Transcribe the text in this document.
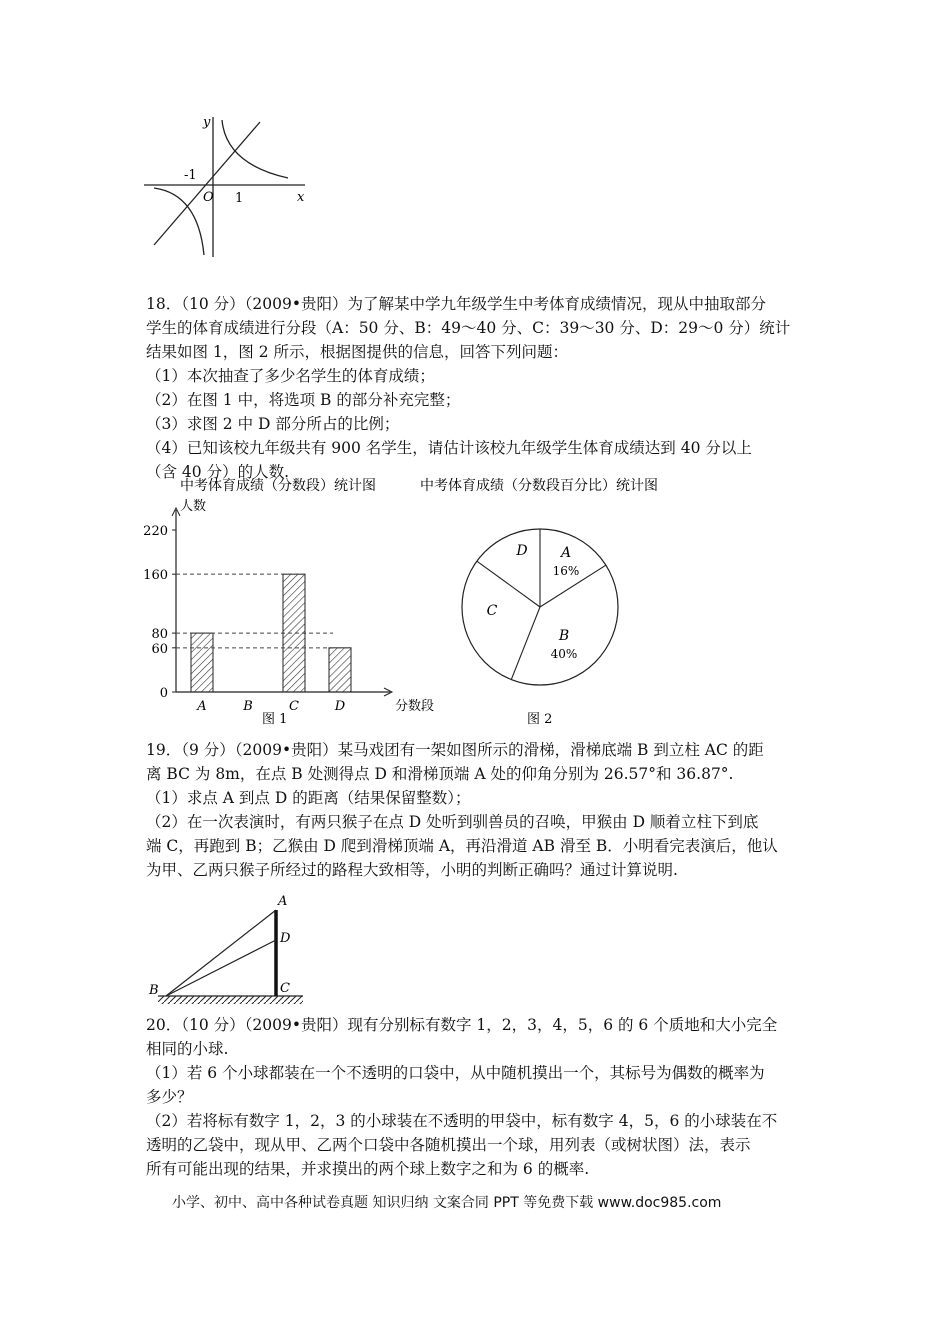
y
x
O 1
-1
18．（10 分）（2009•贵阳）为了解某中学九年级学生中考体育成绩情况，现从中抽取部分
学生的体育成绩进行分段（A：50 分、B：49～40 分、C：39～30 分、D：29～0 分）统计
结果如图 1，图 2 所示，根据图提供的信息，回答下列问题：
（1）本次抽查了多少名学生的体育成绩；
（2）在图 1 中，将选项 B 的部分补充完整；
（3）求图 2 中 D 部分所占的比例；
（4）已知该校九年级共有 900 名学生，请估计该校九年级学生体育成绩达到 40 分以上
（含 40 分）的人数.
中考体育成绩（分数段）统计图
人数
分数段
图 1
0
60
80
160
220
A	B	C	D
中考体育成绩（分数段百分比）统计图
图 2
A
16%
B
40%
C
D
19．（9 分）（2009•贵阳）某马戏团有一架如图所示的滑梯，滑梯底端 B 到立柱 AC 的距
离 BC 为 8m，在点 B 处测得点 D 和滑梯顶端 A 处的仰角分别为 26.57°和 36.87°.
（1）求点 A 到点 D 的距离（结果保留整数）；
（2）在一次表演时，有两只猴子在点 D 处听到驯兽员的召唤，甲猴由 D 顺着立柱下到底
端 C，再跑到 B；乙猴由 D 爬到滑梯顶端 A，再沿滑道 AB 滑至 B．小明看完表演后，他认
为甲、乙两只猴子所经过的路程大致相等，小明的判断正确吗？通过计算说明.
A
D
B	C
20．（10 分）（2009•贵阳）现有分别标有数字 1，2，3，4，5，6 的 6 个质地和大小完全
相同的小球.
（1）若 6 个小球都装在一个不透明的口袋中，从中随机摸出一个，其标号为偶数的概率为
多少？
（2）若将标有数字 1，2，3 的小球装在不透明的甲袋中，标有数字 4，5，6 的小球装在不
透明的乙袋中，现从甲、乙两个口袋中各随机摸出一个球，用列表（或树状图）法，表示
所有可能出现的结果，并求摸出的两个球上数字之和为 6 的概率.
小学、初中、高中各种试卷真题 知识归纳 文案合同 PPT 等免费下载 www.doc985.com
